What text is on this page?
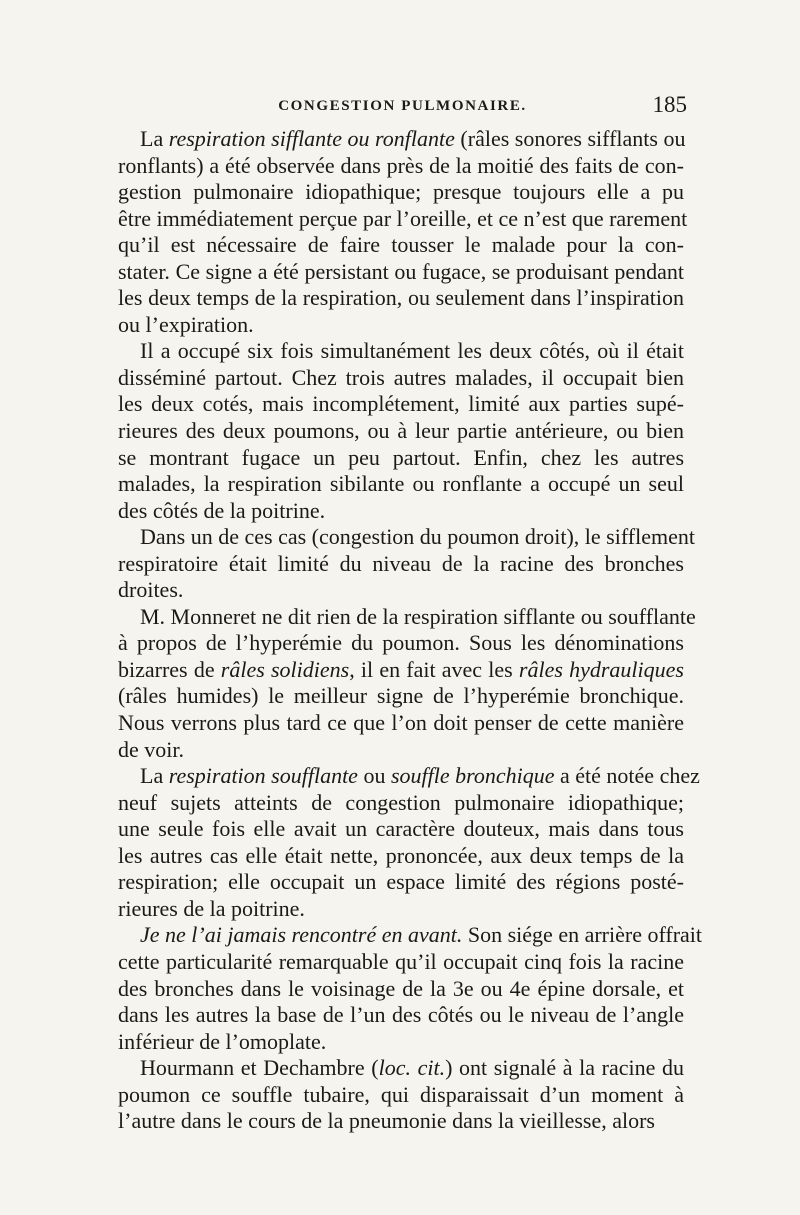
CONGESTION PULMONAIRE.	185

La respiration sifflante ou ronflante (râles sonores sifflants ou
ronflants) a été observée dans près de la moitié des faits de con-
gestion pulmonaire idiopathique; presque toujours elle a pu
être immédiatement perçue par l’oreille, et ce n’est que rarement
qu’il est nécessaire de faire tousser le malade pour la con-
stater. Ce signe a été persistant ou fugace, se produisant pendant
les deux temps de la respiration, ou seulement dans l’inspiration
ou l’expiration.

Il a occupé six fois simultanément les deux côtés, où il était
disséminé partout. Chez trois autres malades, il occupait bien
les deux cotés, mais incomplétement, limité aux parties supé-
rieures des deux poumons, ou à leur partie antérieure, ou bien
se montrant fugace un peu partout. Enfin, chez les autres
malades, la respiration sibilante ou ronflante a occupé un seul
des côtés de la poitrine.

Dans un de ces cas (congestion du poumon droit), le sifflement
respiratoire était limité du niveau de la racine des bronches
droites.

M. Monneret ne dit rien de la respiration sifflante ou soufflante
à propos de l’hyperémie du poumon. Sous les dénominations
bizarres de râles solidiens, il en fait avec les râles hydrauliques
(râles humides) le meilleur signe de l’hyperémie bronchique.
Nous verrons plus tard ce que l’on doit penser de cette manière
de voir.

La respiration soufflante ou souffle bronchique a été notée chez
neuf sujets atteints de congestion pulmonaire idiopathique;
une seule fois elle avait un caractère douteux, mais dans tous
les autres cas elle était nette, prononcée, aux deux temps de la
respiration; elle occupait un espace limité des régions posté-
rieures de la poitrine.

Je ne l’ai jamais rencontré en avant. Son siége en arrière offrait
cette particularité remarquable qu’il occupait cinq fois la racine
des bronches dans le voisinage de la 3e ou 4e épine dorsale, et
dans les autres la base de l’un des côtés ou le niveau de l’angle
inférieur de l’omoplate.

Hourmann et Dechambre (loc. cit.) ont signalé à la racine du
poumon ce souffle tubaire, qui disparaissait d’un moment à
l’autre dans le cours de la pneumonie dans la vieillesse, alors
